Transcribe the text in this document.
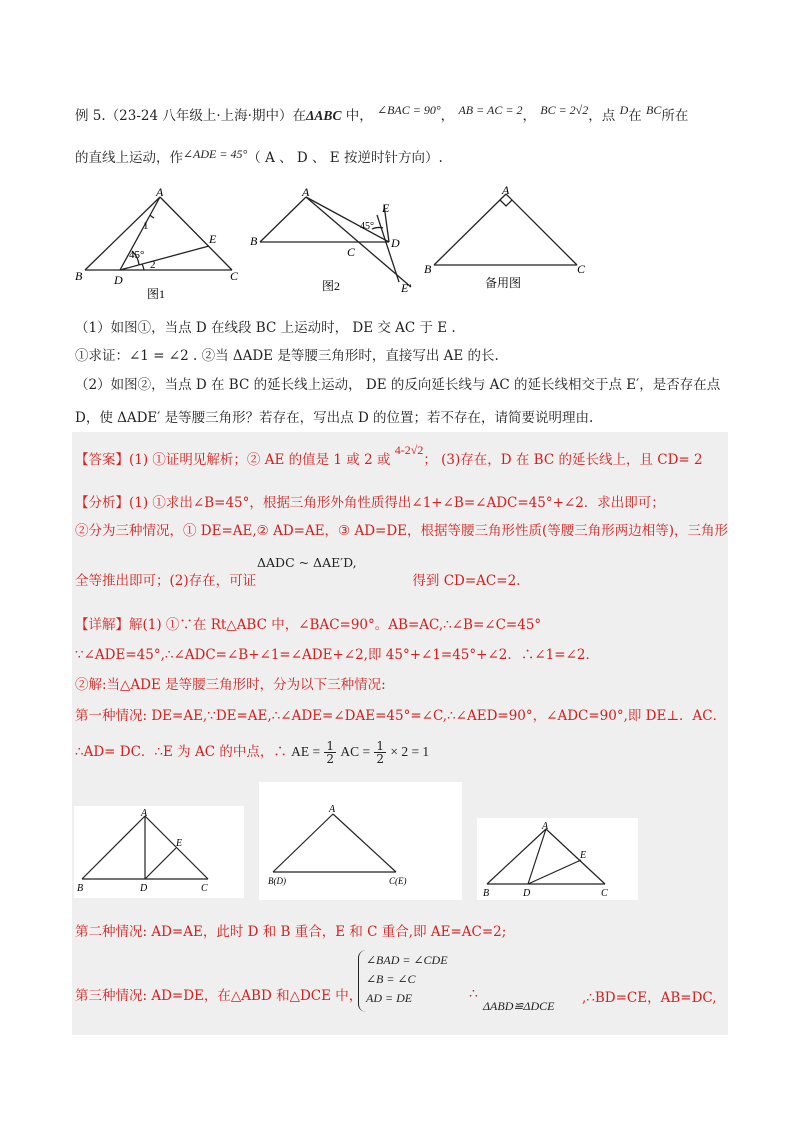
例 5.（23-24 八年级上·上海·期中）在ΔABC 中， ∠BAC = 90°， AB = AC = 2， BC = 2√2，点 D在 BC所在
的直线上运动，作∠ADE = 45°（ A 、 D 、 E 按逆时针方向）.
A
B	C
D
E
1
2
45°
图1
A
B
C
D
E
E′
45°
图2
A
B	C
备用图
（1）如图①，当点 D 在线段 BC 上运动时， DE 交 AC 于 E .
①求证：∠1 = ∠2 . ②当 ΔADE 是等腰三角形时，直接写出 AE 的长.
（2）如图②，当点 D 在 BC 的延长线上运动， DE 的反向延长线与 AC 的延长线相交于点 E′，是否存在点
D，使 ΔADE′ 是等腰三角形？若存在，写出点 D 的位置；若不存在，请简要说明理由.
【答案】(1) ①证明见解析；② AE 的值是 1 或 2 或 4-2√2； (3)存在，D 在 BC 的延长线上，且 CD= 2
【分析】(1) ①求出∠B=45°，根据三角形外角性质得出∠1+∠B=∠ADC=45°+∠2．求出即可；
②分为三种情况，① DE=AE,② AD=AE，③ AD=DE，根据等腰三角形性质(等腰三角形两边相等)，三角形
全等推出即可；(2)存在，可证
ΔADC ~ ΔAE′D,
得到 CD=AC=2.
【详解】解(1) ①∵在 Rt△ABC 中，∠BAC=90°。AB=AC,∴∠B=∠C=45°
∵∠ADE=45°,∴∠ADC=∠B+∠1=∠ADE+∠2,即 45°+∠1=45°+∠2．∴∠1=∠2．
②解:当△ADE 是等腰三角形时，分为以下三种情况:
第一种情况: DE=AE,∵DE=AE,∴∠ADE=∠DAE=45°=∠C,∴∠AED=90°，∠ADC=90°,即 DE⊥．AC．
∴AD= DC．∴E 为 AC 的中点，∴ AE = $\frac{1}{2}$ AC = $\frac{1}{2} \times 2 = 1$
A
B	C
D
E
A
B(D)	C(E)
A
B	C
D
E
第二种情况: AD=AE，此时 D 和 B 重合，E 和 C 重合,即 AE=AC=2;
第三种情况: AD=DE，在△ABD 和△DCE 中，
∠BAD = ∠CDE
∠B = ∠C
AD = DE	∴
ΔABD≌ΔDCE ,∴BD=CE，AB=DC,
